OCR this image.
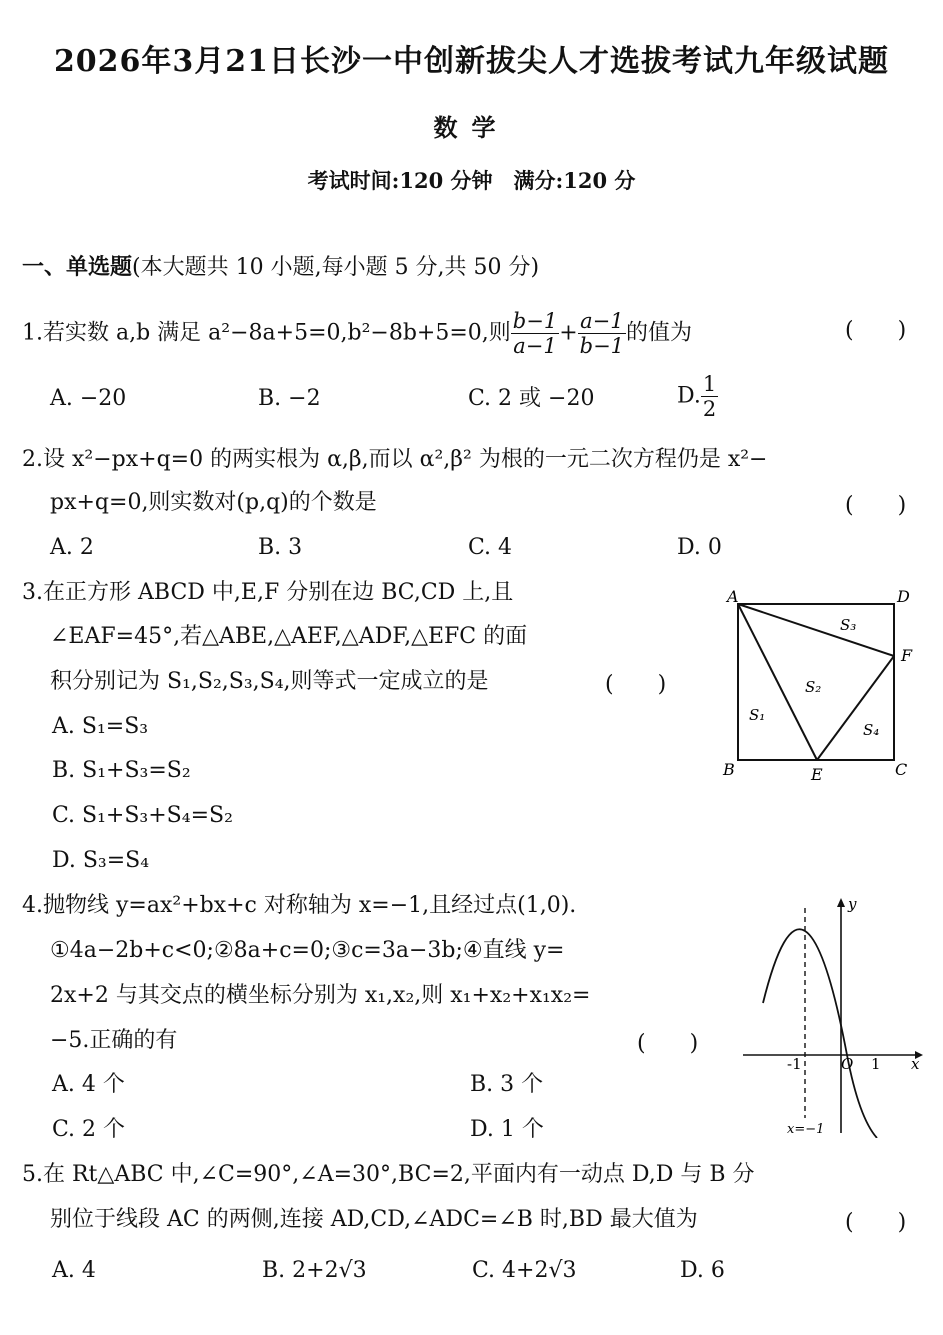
2026年3月21日长沙一中创新拔尖人才选拔考试九年级试题
数学
考试时间:120 分钟　满分:120 分
一、单选题(本大题共 10 小题,每小题 5 分,共 50 分)
1.若实数 a,b 满足 a²−8a+5=0,b²−8b+5=0,则 $\frac{b-1}{a-1} + \frac{a-1}{b-1}$ 的值为	(　　)
A. −20	B. −2	C. 2 或 −20	D. $\frac{1}{2}$
2.设 x²−px+q=0 的两实根为 α,β,而以 α²,β² 为根的一元二次方程仍是 x²−
px+q=0,则实数对(p,q)的个数是	(　　)
A. 2	B. 3	C. 4	D. 0
3.在正方形 ABCD 中,E,F 分别在边 BC,CD 上,且
∠EAF=45°,若△ABE,△AEF,△ADF,△EFC 的面
积分别记为 S₁,S₂,S₃,S₄,则等式一定成立的是	(　　)
A. S₁=S₃
B. S₁+S₃=S₂
C. S₁+S₃+S₄=S₂
D. S₃=S₄
A	D
B	C
E
F
S₃
S₂
S₁
S₄
4.抛物线 y=ax²+bx+c 对称轴为 x=−1,且经过点(1,0).
①4a−2b+c<0;②8a+c=0;③c=3a−3b;④直线 y=
2x+2 与其交点的横坐标分别为 x₁,x₂,则 x₁+x₂+x₁x₂=
−5.正确的有	(　　)
A. 4 个	B. 3 个
C. 2 个	D. 1 个
y
x
O
-1	1
x=−1
5.在 Rt△ABC 中,∠C=90°,∠A=30°,BC=2,平面内有一动点 D,D 与 B 分
别位于线段 AC 的两侧,连接 AD,CD,∠ADC=∠B 时,BD 最大值为	(　　)
A. 4	B. 2+2√3	C. 4+2√3	D. 6
